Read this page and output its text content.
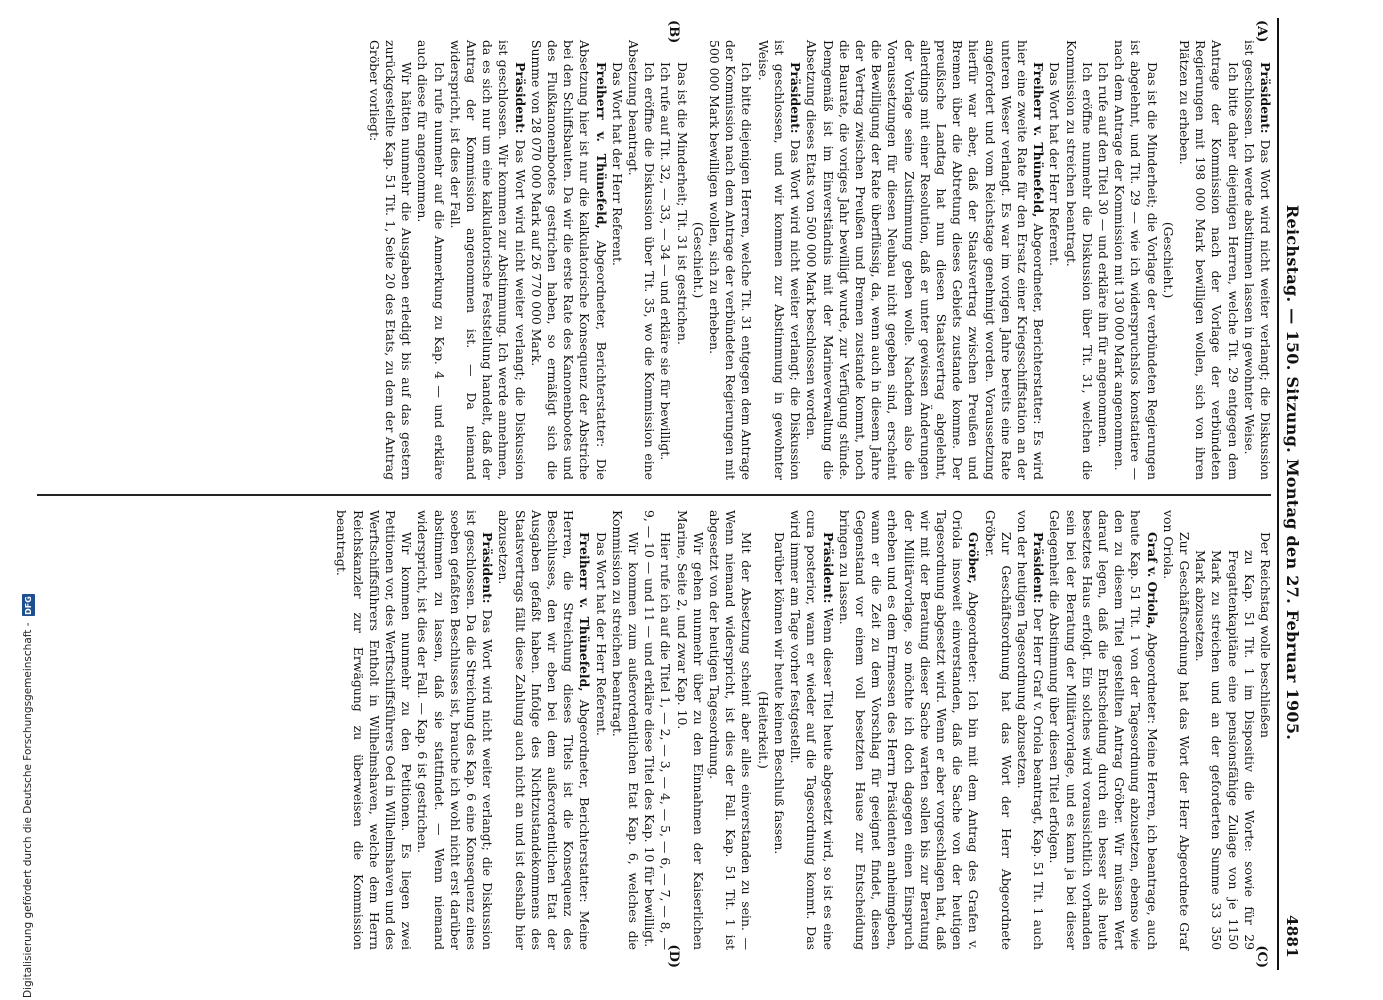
Reichstag. — 150. Sitzung. Montag den 27. Februar 1905.
4881
(A)
(B)

Präsident: Das Wort wird nicht weiter verlangt; die Diskussion ist geschlossen. Ich werde abstimmen lassen in gewohnter Weise.

Ich bitte daher diejenigen Herren, welche Tit. 29 entgegen dem Antrage der Kommission nach der Vorlage der verbündeten Regierungen mit 198 000 Mark bewilligen wollen, sich von ihren Plätzen zu erheben.

(Geschieht.)

Das ist die Minderheit; die Vorlage der verbündeten Regierungen ist abgelehnt, und Tit. 29 — wie ich widerspruchslos konstatiere — nach dem Antrage der Kommission mit 130 000 Mark angenommen.

Ich rufe auf den Titel 30 — und erkläre ihn für angenommen.

Ich eröffne nunmehr die Diskussion über Tit. 31, welchen die Kommission zu streichen beantragt.

Das Wort hat der Herr Referent.

Freiherr v. Thünefeld, Abgeordneter, Berichterstatter: Es wird hier eine zweite Rate für den Ersatz einer Kriegsschiffstation an der unteren Weser verlangt. Es war im vorigen Jahre bereits eine Rate angefordert und vom Reichstage genehmigt worden. Voraussetzung hierfür war aber, daß der Staatsvertrag zwischen Preußen und Bremen über die Abtretung dieses Gebiets zustande komme. Der preußische Landtag hat nun diesen Staatsvertrag abgelehnt, allerdings mit einer Resolution, daß er unter gewissen Änderungen der Vorlage seine Zustimmung geben wolle. Nachdem also die Voraussetzungen für diesen Neubau nicht gegeben sind, erscheint die Bewilligung der Rate überflüssig, da, wenn auch in diesem Jahre der Vertrag zwischen Preußen und Bremen zustande kommt, noch die Baurate, die voriges Jahr bewilligt wurde, zur Verfügung stünde. Demgemäß ist im Einverständnis mit der Marineverwaltung die Absetzung dieses Etats von 500 000 Mark beschlossen worden.

Präsident: Das Wort wird nicht weiter verlangt; die Diskussion ist geschlossen, und wir kommen zur Abstimmung in gewohnter Weise.

Ich bitte diejenigen Herren, welche Tit. 31 entgegen dem Antrage der Kommission nach dem Antrage der verbündeten Regierungen mit 500 000 Mark bewilligen wollen, sich zu erheben.

(Geschieht.)

Das ist die Minderheit; Tit. 31 ist gestrichen.

Ich rufe auf Tit. 32, — 33, — 34 — und erkläre sie für bewilligt.

Ich eröffne die Diskussion über Tit. 35, wo die Kommission eine Absetzung beantragt.

Das Wort hat der Herr Referent.

Freiherr v. Thünefeld, Abgeordneter, Berichterstatter: Die Absetzung hier ist nur die kalkulatorische Konsequenz der Abstriche bei den Schiffsbauten. Da wir die erste Rate des Kanonenbootes und des Flußkanonenbootes gestrichen haben, so ermäßigt sich die Summe von 28 070 000 Mark auf 26 770 000 Mark.

Präsident: Das Wort wird nicht weiter verlangt; die Diskussion ist geschlossen. Wir kommen zur Abstimmung. Ich werde annehmen, da es sich nur um eine kalkulatorische Feststellung handelt, daß der Antrag der Kommission angenommen ist. — Da niemand widerspricht, ist dies der Fall.

Ich rufe nunmehr auf die Anmerkung zu Kap. 4 — und erkläre auch diese für angenommen.

Wir hätten nunmehr die Ausgaben erledigt bis auf das gestern zurückgestellte Kap. 51 Tit. 1, Seite 20 des Etats, zu dem der Antrag Gröber vorliegt:

(C)
(D)

Der Reichstag wolle beschließen

zu Kap. 51 Tit. 1 im Dispositiv die Worte: sowie für 29 Fregattenkapitäne eine pensionsfähige Zulage von je 1150 Mark zu streichen und an der geforderten Summe 33 350 Mark abzusetzen.

Zur Geschäftsordnung hat das Wort der Herr Abgeordnete Graf von Oriola.

Graf v. Oriola, Abgeordneter: Meine Herren, ich beantrage, auch heute Kap. 51 Tit. 1 von der Tagesordnung abzusetzen, ebenso wie den zu diesem Titel gestellten Antrag Gröber. Wir müssen Wert darauf legen, daß die Entscheidung durch ein besser als heute besetztes Haus erfolgt. Ein solches wird voraussichtlich vorhanden sein bei der Beratung der Militärvorlage, und es kann ja bei dieser Gelegenheit die Abstimmung über diesen Titel erfolgen.

Präsident: Der Herr Graf v. Oriola beantragt, Kap. 51 Tit. 1 auch von der heutigen Tagesordnung abzusetzen.

Zur Geschäftsordnung hat das Wort der Herr Abgeordnete Gröber.

Gröber, Abgeordneter: Ich bin mit dem Antrag des Grafen v. Oriola insoweit einverstanden, daß die Sache von der heutigen Tagesordnung abgesetzt wird. Wenn er aber vorgeschlagen hat, daß wir mit der Beratung dieser Sache warten sollen bis zur Beratung der Militärvorlage, so möchte ich doch dagegen einen Einspruch erheben und es dem Ermessen des Herrn Präsidenten anheimgeben, wann er die Zeit zu dem Vorschlag für geeignet findet, diesen Gegenstand vor einem voll besetzten Hause zur Entscheidung bringen zu lassen.

Präsident: Wenn dieser Titel heute abgesetzt wird, so ist es eine cura posterior, wann er wieder auf die Tagesordnung kommt. Das wird immer am Tage vorher festgestellt.

Darüber können wir heute keinen Beschluß fassen.

(Heiterkeit.)

Mit der Absetzung scheint aber alles einverstanden zu sein. — Wenn niemand widerspricht, ist dies der Fall. Kap. 51 Tit. 1 ist abgesetzt von der heutigen Tagesordnung.

Wir gehen nunmehr über zu den Einnahmen der Kaiserlichen Marine, Seite 2, und zwar Kap. 10.

Hier rufe ich auf die Titel 1, — 2, — 3, — 4, — 5, — 6, — 7, — 8, — 9, — 10 — und 11 — und erkläre diese Titel des Kap. 10 für bewilligt.

Wir kommen zum außerordentlichen Etat Kap. 6, welches die Kommission zu streichen beantragt.

Das Wort hat der Herr Referent.

Freiherr v. Thünefeld, Abgeordneter, Berichterstatter: Meine Herren, die Streichung dieses Titels ist die Konsequenz des Beschlusses, den wir eben bei dem außerordentlichen Etat der Ausgaben gefaßt haben. Infolge des Nichtzustandekommens des Staatsvertrags fällt diese Zahlung auch nicht an und ist deshalb hier abzusetzen.

Präsident: Das Wort wird nicht weiter verlangt; die Diskussion ist geschlossen. Da die Streichung des Kap. 6 eine Konsequenz eines soeben gefaßten Beschlusses ist, brauche ich wohl nicht erst darüber abstimmen zu lassen, daß sie stattfindet. — Wenn niemand widerspricht, ist dies der Fall. — Kap. 6 ist gestrichen.

Wir kommen nunmehr zu den Petitionen. Es liegen zwei Petitionen vor, des Werftschiffsführers Oed in Wilhelmshaven und des Werftschiffsführers Entholt in Wilhelmshaven, welche dem Herrn Reichskanzler zur Erwägung zu überweisen die Kommission beantragt.

Digitalisierung gefördert durch die Deutsche Forschungsgemeinschaft -
DFG
